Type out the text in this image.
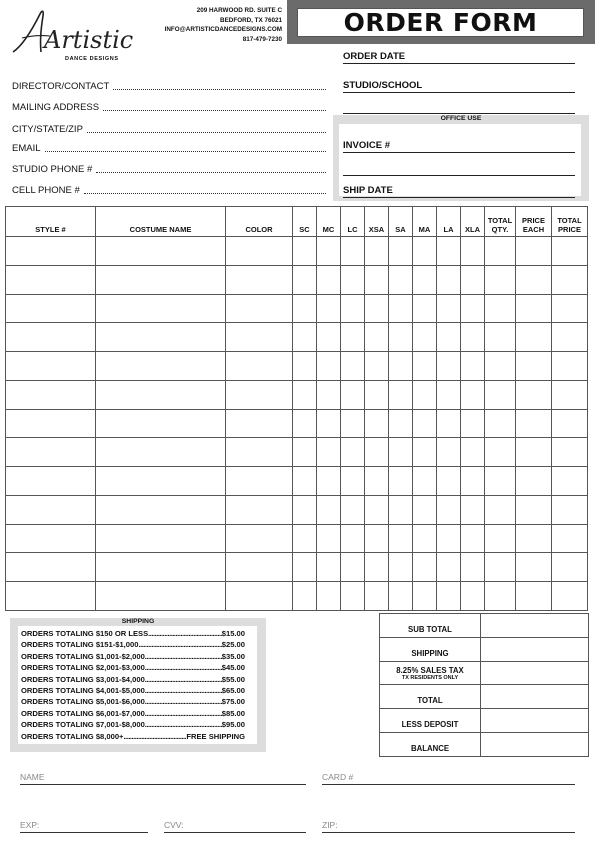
Artistic
DANCE DESIGNS
209 HARWOOD RD. SUITE C
BEDFORD, TX 76021
INFO@ARTISTICDANCEDESIGNS.COM
817-479-7230
ORDER FORM
DIRECTOR/CONTACT
MAILING ADDRESS
CITY/STATE/ZIP
EMAIL
STUDIO PHONE #
CELL PHONE #
ORDER DATE
STUDIO/SCHOOL
OFFICE USE
INVOICE #
SHIP DATE
STYLE #	COSTUME NAME	COLOR	SC	MC	LC	XSA	SA	MA	LA	XLA	TOTAL QTY.	PRICE EACH	TOTAL PRICE

SHIPPING
ORDERS TOTALING $150 OR LESS .....	$15.00
ORDERS TOTALING $151-$1,000 .....	$25.00
ORDERS TOTALING $1,001-$2,000 .....	$35.00
ORDERS TOTALING $2,001-$3,000 .....	$45.00
ORDERS TOTALING $3,001-$4,000 .....	$55.00
ORDERS TOTALING $4,001-$5,000 .....	$65.00
ORDERS TOTALING $5,001-$6,000 .....	$75.00
ORDERS TOTALING $6,001-$7,000 .....	$85.00
ORDERS TOTALING $7,001-$8,000 .....	$95.00
ORDERS TOTALING $8,000+ .....	FREE SHIPPING
SUB TOTAL	
SHIPPING	
8.25% SALES TAX
TX RESIDENTS ONLY	

TOTAL	
LESS DEPOSIT	
BALANCE	
NAME	CARD #
EXP:	CVV:	ZIP:
